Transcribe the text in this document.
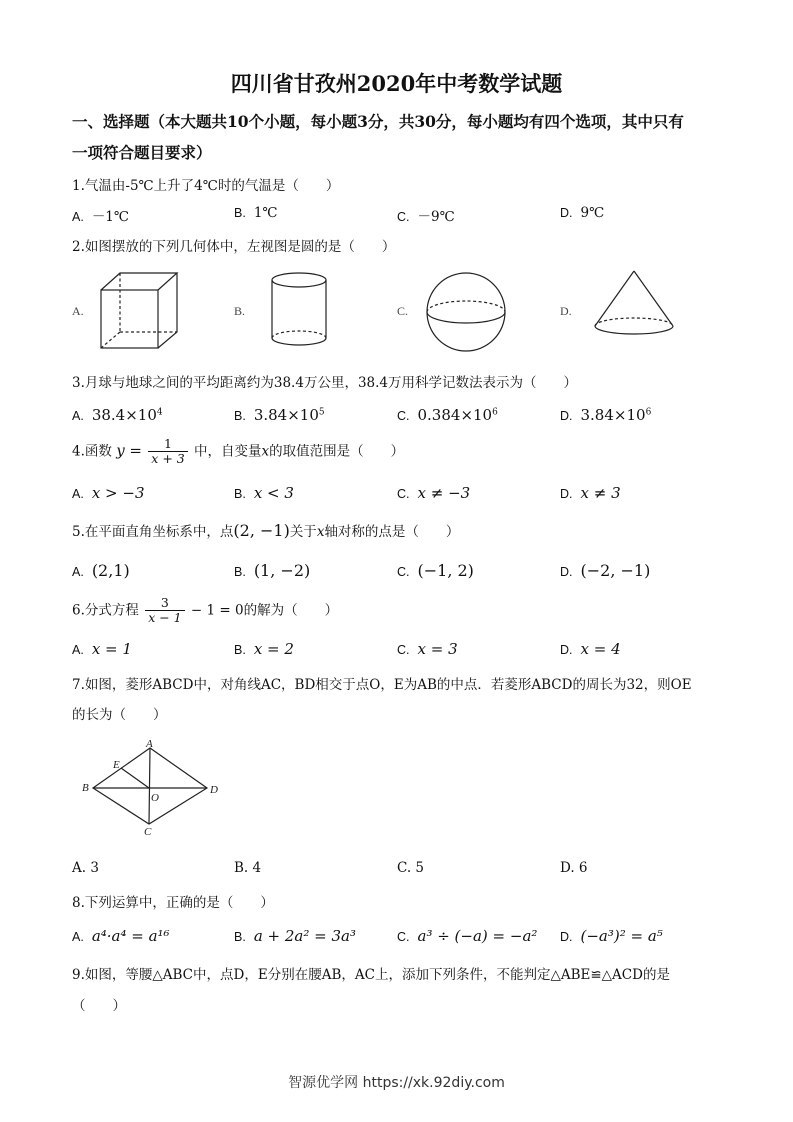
四川省甘孜州2020年中考数学试题
一、选择题（本大题共10个小题，每小题3分，共30分，每小题均有四个选项，其中只有
一项符合题目要求）
1.气温由-5℃上升了4℃时的气温是（　　）
A. －1℃	B. 1℃	C. －9℃	D. 9℃
2.如图摆放的下列几何体中，左视图是圆的是（　　）
A.	B.	C.	D.
3.月球与地球之间的平均距离约为38.4万公里，38.4万用科学记数法表示为（　　）
A. $38.4\times 10^4$	B. $3.84\times 10^5$	C. $0.384\times 10^6$	D. $3.84\times 10^6$
4.函数 $y = \frac{1}{x + 3}$ 中，自变量x的取值范围是（　　）
A. x > −3	B. x < 3	C. x ≠ −3	D. x ≠ 3
5.在平面直角坐标系中，点(2, −1)关于x轴对称的点是（　　）
A. (2,1)	B. (1, −2)	C. (−1, 2)	D. (−2, −1)
6.分式方程 $\frac{3}{x - 1} - 1 = 0$的解为（　　）
A. x = 1	B. x = 2	C. x = 3	D. x = 4
7.如图，菱形ABCD中，对角线AC，BD相交于点O，E为AB的中点．若菱形ABCD的周长为32，则OE
的长为（　　）
A
B
C
D
E
O
A. 3	B. 4	C. 5	D. 6
8.下列运算中，正确的是（　　）
A. a⁴·a⁴ = a¹⁶	B. a + 2a² = 3a³	C. a³ ÷ (−a) = −a² D. (−a³)² = a⁵
9.如图，等腰△ABC中，点D，E分别在腰AB，AC上，添加下列条件，不能判定△ABE≌△ACD的是
（　　）
智源优学网 https://xk.92diy.com
